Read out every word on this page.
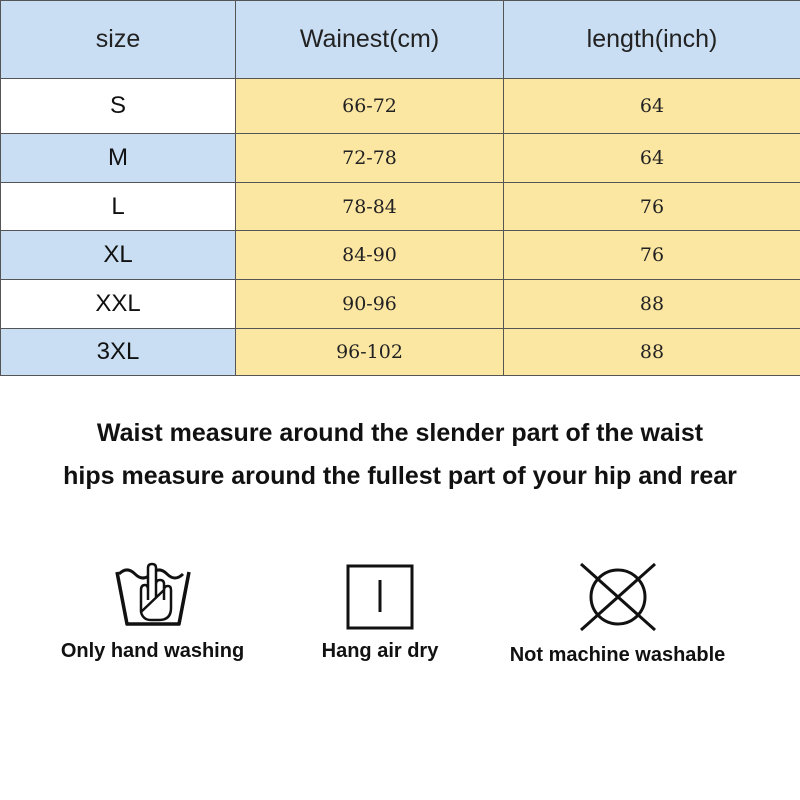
size	Wainest(cm)	length(inch)
S	66-72	64
M	72-78	64
L	78-84	76
XL	84-90	76
XXL	90-96	88
3XL	96-102	88
Waist measure around the slender part of the waist
hips measure around the fullest part of your hip and rear
Only hand washing	Hang air dry	Not machine washable
